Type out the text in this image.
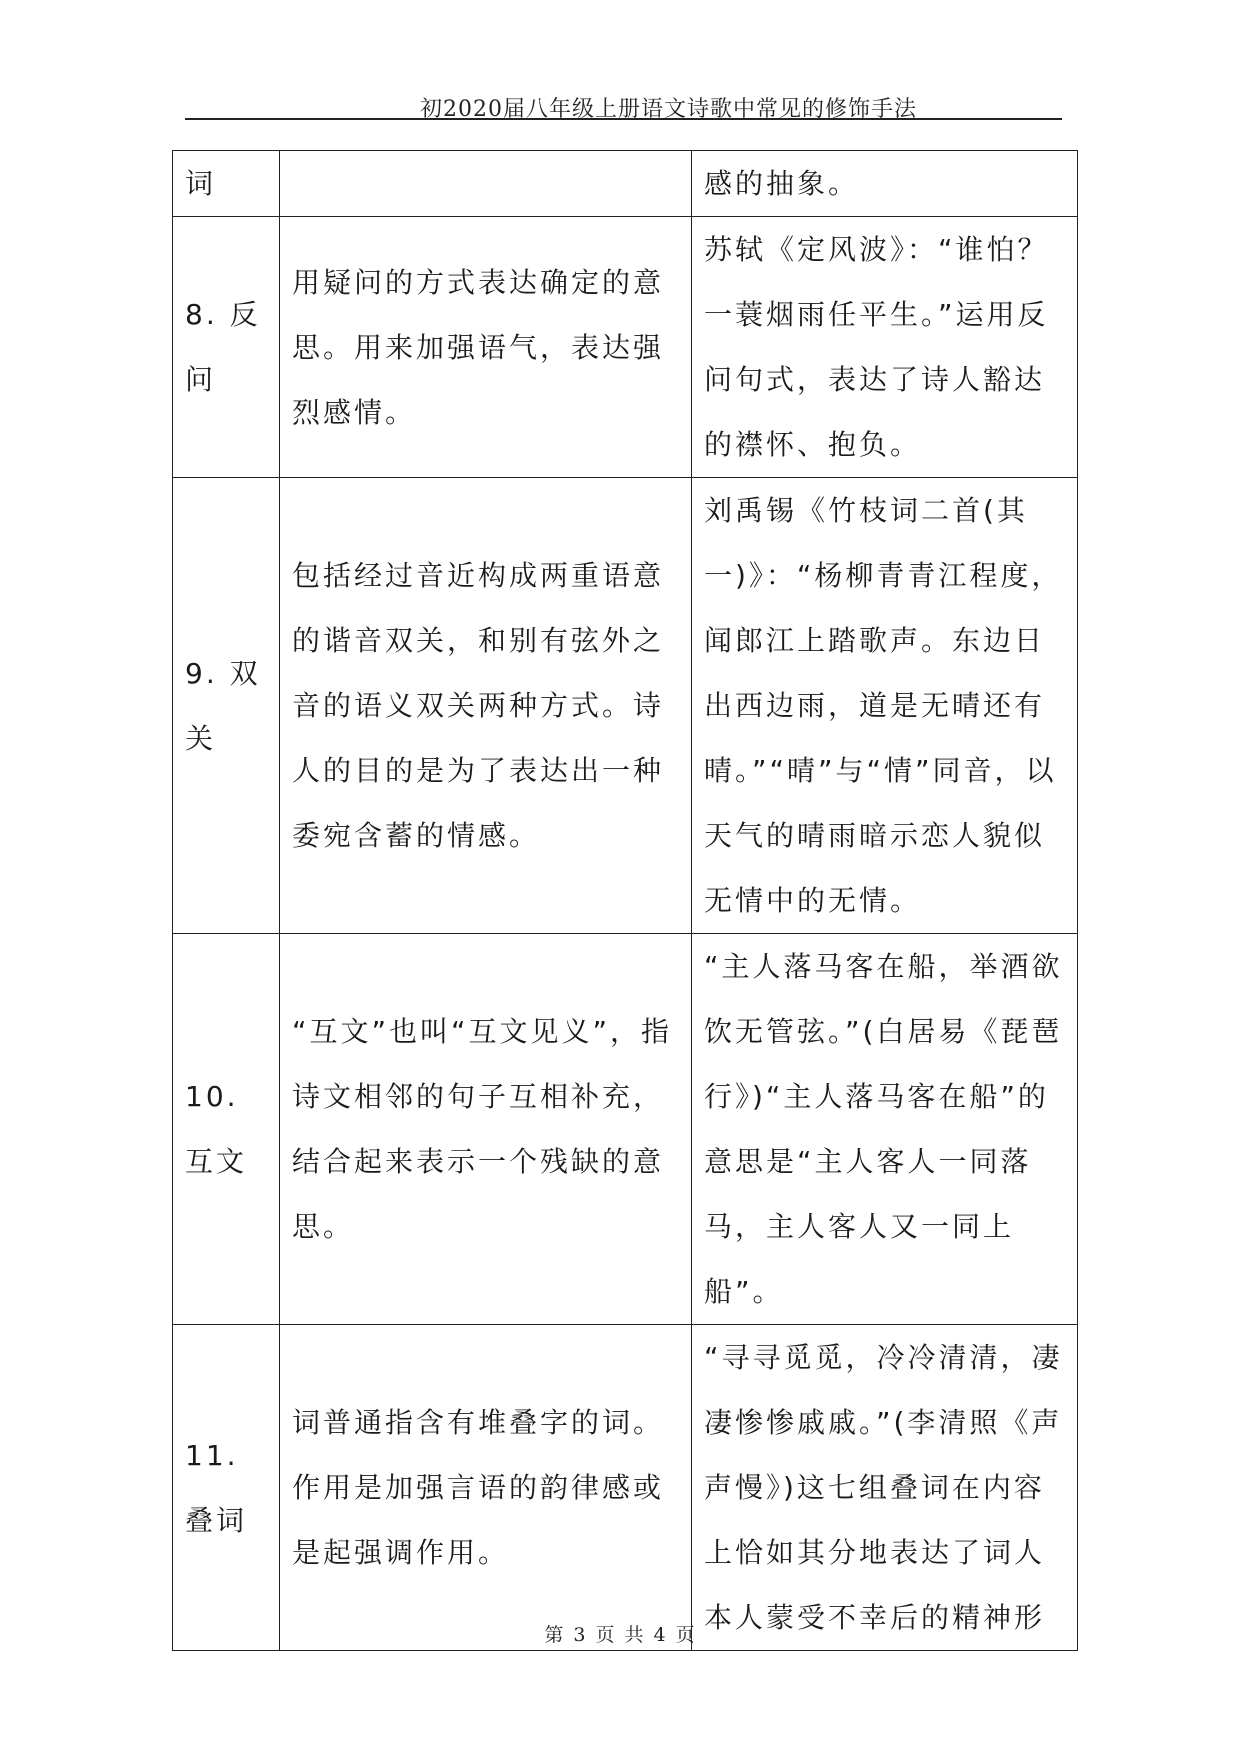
初2020届八年级上册语文诗歌中常见的修饰手法
词		感的抽象。
8. 反问	用疑问的方式表达确定的意思。用来加强语气，表达强烈感情。	苏轼《定风波》：“谁怕？一蓑烟雨任平生。”运用反问句式，表达了诗人豁达的襟怀、抱负。
9. 双关	包括经过音近构成两重语意的谐音双关，和别有弦外之音的语义双关两种方式。诗人的目的是为了表达出一种委宛含蓄的情感。	刘禹锡《竹枝词二首(其一)》：“杨柳青青江程度，闻郎江上踏歌声。东边日出西边雨，道是无晴还有晴。”“晴”与“情”同音，以天气的晴雨暗示恋人貌似无情中的无情。
10. 互文	“互文”也叫“互文见义”，指诗文相邻的句子互相补充，结合起来表示一个残缺的意思。	“主人落马客在船，举酒欲饮无管弦。”(白居易《琵琶行》)“主人落马客在船”的意思是“主人客人一同落马，主人客人又一同上船”。
11. 叠词	词普通指含有堆叠字的词。作用是加强言语的韵律感或是起强调作用。	“寻寻觅觅，冷冷清清，凄凄惨惨戚戚。”(李清照《声声慢》)这七组叠词在内容上恰如其分地表达了词人本人蒙受不幸后的精神形
第 3 页 共 4 页
